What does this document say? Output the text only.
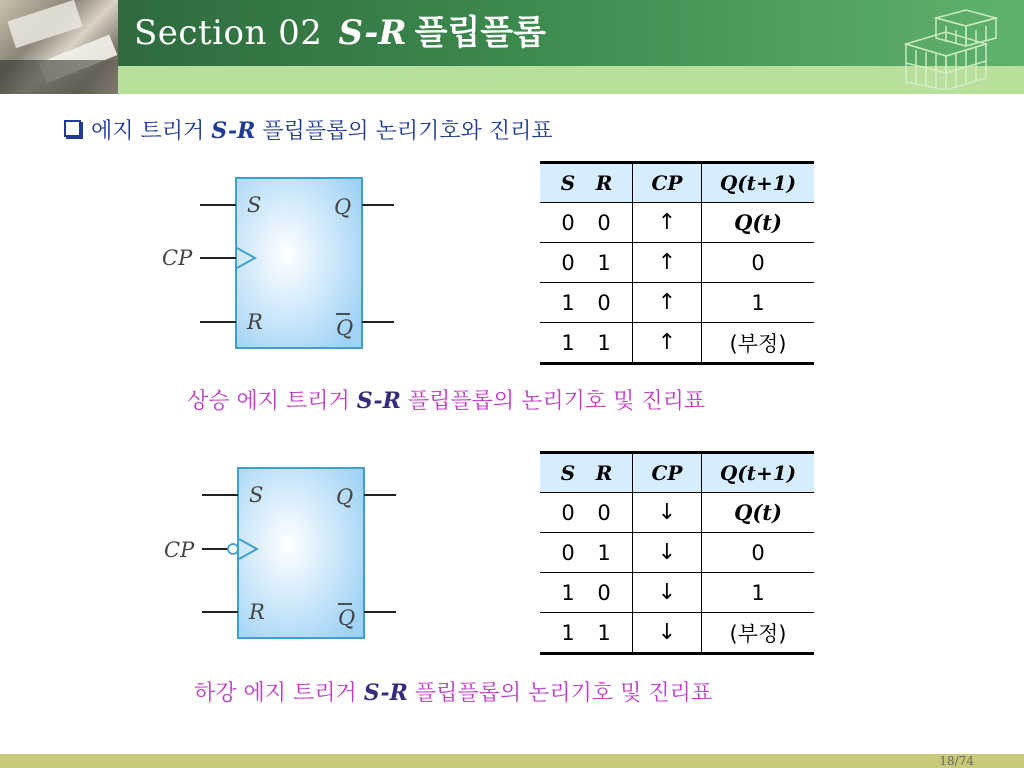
Section 02 S-R 플립플롭
에지 트리거 S-R 플립플롭의 논리기호와 진리표
S	Q
R	Q
CP
S R	CP	Q(t+1)
0 0	↑	Q(t)
0 1	↑	0
1 0	↑	1
1 1	↑	(부정)
상승 에지 트리거 S-R 플립플롭의 논리기호 및 진리표
S	Q
R	Q
CP
S R	CP	Q(t+1)
0 0	↓	Q(t)
0 1	↓	0
1 0	↓	1
1 1	↓	(부정)
하강 에지 트리거 S-R 플립플롭의 논리기호 및 진리표
18/74
